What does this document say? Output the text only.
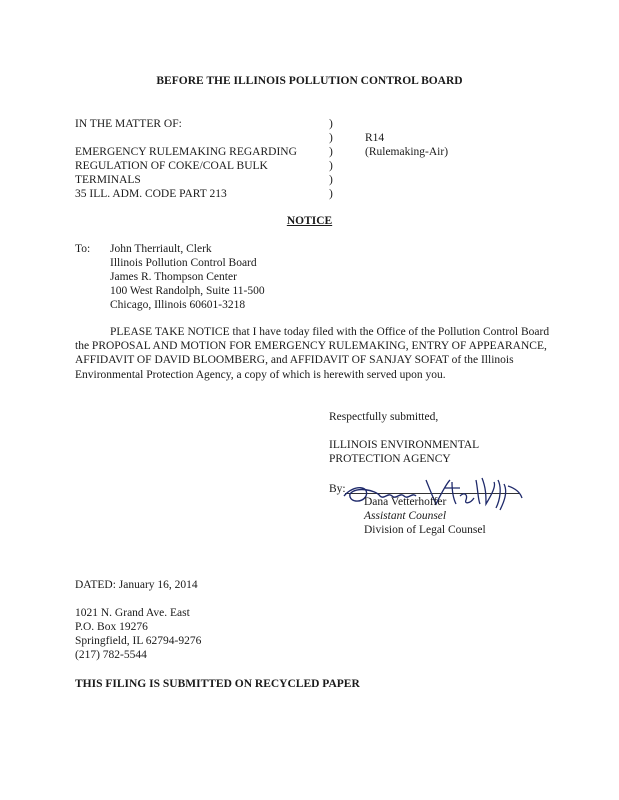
BEFORE THE ILLINOIS POLLUTION CONTROL BOARD
IN THE MATTER OF:
EMERGENCY RULEMAKING REGARDING
REGULATION OF COKE/COAL BULK
TERMINALS
35 ILL. ADM. CODE PART 213
)
)
)
)
)
)
R14
(Rulemaking-Air)
NOTICE
To: John Therriault, Clerk
Illinois Pollution Control Board
James R. Thompson Center
100 West Randolph, Suite 11-500
Chicago, Illinois 60601-3218
PLEASE TAKE NOTICE that I have today filed with the Office of the Pollution Control Board the PROPOSAL AND MOTION FOR EMERGENCY RULEMAKING, ENTRY OF APPEARANCE, AFFIDAVIT OF DAVID BLOOMBERG, and AFFIDAVIT OF SANJAY SOFAT of the Illinois Environmental Protection Agency, a copy of which is herewith served upon you.
Respectfully submitted,
ILLINOIS ENVIRONMENTAL
PROTECTION AGENCY
By:
Dana Vetterhoffer
Assistant Counsel
Division of Legal Counsel
DATED: January 16, 2014
1021 N. Grand Ave. East
P.O. Box 19276
Springfield, IL 62794-9276
(217) 782-5544
THIS FILING IS SUBMITTED ON RECYCLED PAPER
